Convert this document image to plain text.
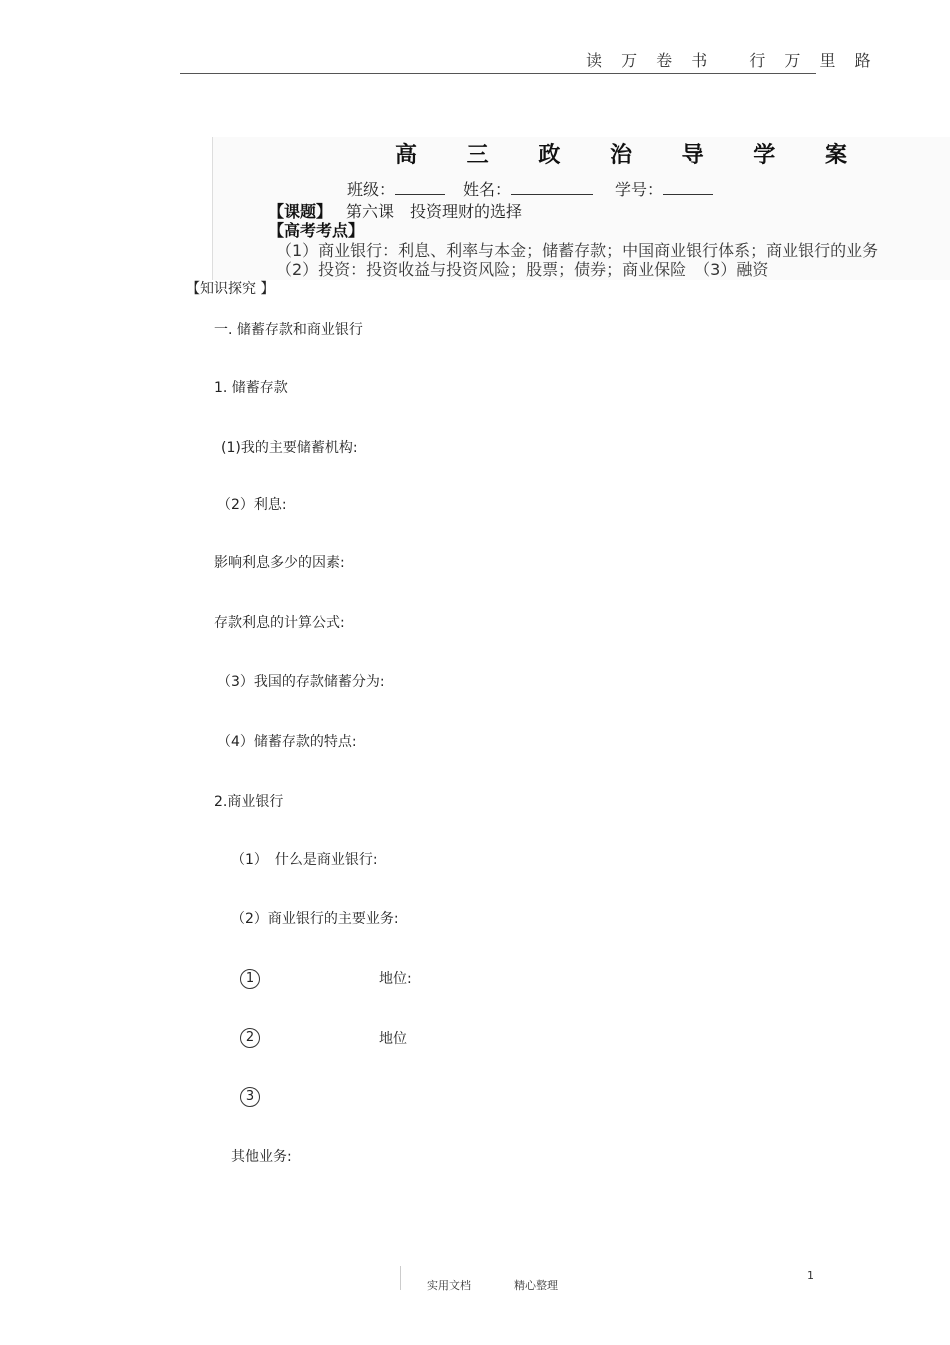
读 万 卷 书　 行 万 里 路
高 三 政 治 导 学 案
班级：	姓名：	学号：
【课题】 第六课　投资理财的选择
【高考考点】
（1）商业银行：利息、利率与本金；储蓄存款；中国商业银行体系；商业银行的业务
（2）投资：投资收益与投资风险；股票；债券；商业保险　（3）融资
【知识探究 】
一. 储蓄存款和商业银行
1. 储蓄存款
(1)我的主要储蓄机构:
（2）利息:
影响利息多少的因素:
存款利息的计算公式:
（3）我国的存款储蓄分为:
（4）储蓄存款的特点:
2.商业银行
（1）　什么是商业银行:
（2）商业银行的主要业务:
1	地位:
2	地位
3
其他业务:
实用文档	精心整理
1
